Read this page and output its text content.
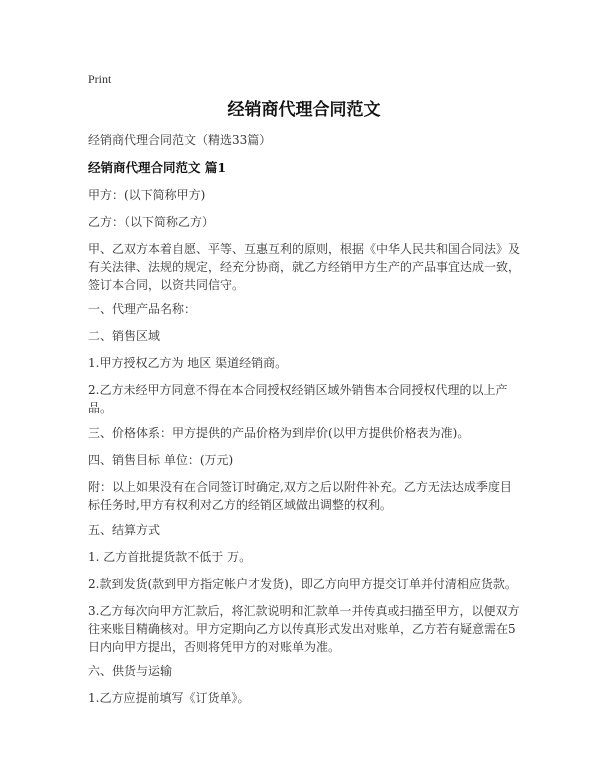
Print
经销商代理合同范文
经销商代理合同范文（精选33篇）
经销商代理合同范文 篇1

甲方：(以下简称甲方)

乙方：（以下简称乙方）

甲、乙双方本着自愿、平等、互惠互利的原则，根据《中华人民共和国合同法》及有关法律、法规的规定，经充分协商，就乙方经销甲方生产的产品事宜达成一致，签订本合同，以资共同信守。

一、代理产品名称：

二、销售区域

1.甲方授权乙方为 地区 渠道经销商。

2.乙方未经甲方同意不得在本合同授权经销区域外销售本合同授权代理的以上产品。

三、价格体系：甲方提供的产品价格为到岸价(以甲方提供价格表为准)。

四、销售目标 单位：(万元)

附：以上如果没有在合同签订时确定,双方之后以附件补充。乙方无法达成季度目标任务时,甲方有权利对乙方的经销区域做出调整的权利。

五、结算方式

1. 乙方首批提货款不低于 万。

2.款到发货(款到甲方指定帐户才发货)，即乙方向甲方提交订单并付清相应货款。

3.乙方每次向甲方汇款后，将汇款说明和汇款单一并传真或扫描至甲方，以便双方往来账目精确核对。甲方定期向乙方以传真形式发出对账单，乙方若有疑意需在5日内向甲方提出，否则将凭甲方的对账单为准。

六、供货与运输

1.乙方应提前填写《订货单》。
